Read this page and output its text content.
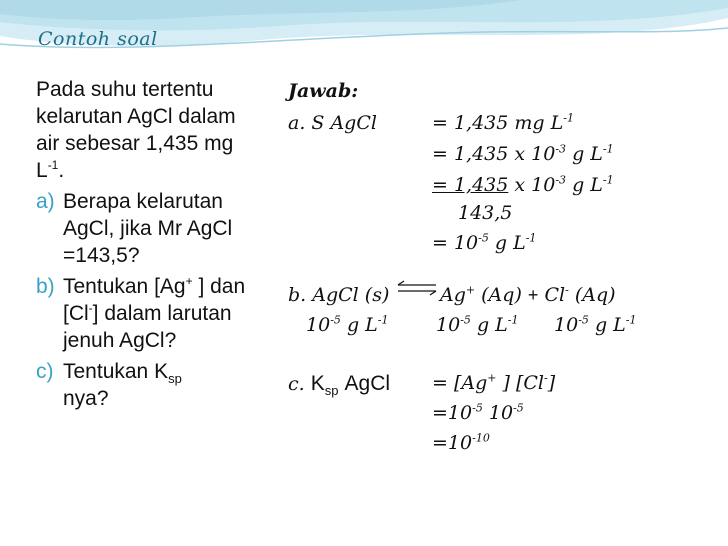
Contoh soal

Pada suhu tertentu
kelarutan AgCl dalam
air sebesar 1,435 mg
$L^{-1}$.

a) Berapa kelarutan AgCl, jika Mr AgCl =143,5?
b) Tentukan [Ag+ ] dan [Cl-] dalam larutan jenuh AgCl?
c) Tentukan $K_{sp}$
nya?
Jawab:
a. S AgCl	= 1,435 mg $L^{-1}$
= 1,435 x $10^{-3}$ g $L^{-1}$
= 1,435 x $10^{-3}$ g $L^{-1}$
143,5
= $10^{-5}$ g $L^{-1}$
b. AgCl (s) ⇌ Ag+ (Aq) + Cl- (Aq)
$10^{-5}$ g $L^{-1}$	$10^{-5}$ g $L^{-1}$ $10^{-5}$ g $L^{-1}$
c. $K_{sp}$ AgCl = [Ag+ ] [Cl-]
$=10^{-5}$ $10^{-5}$
$=10^{-10}$
